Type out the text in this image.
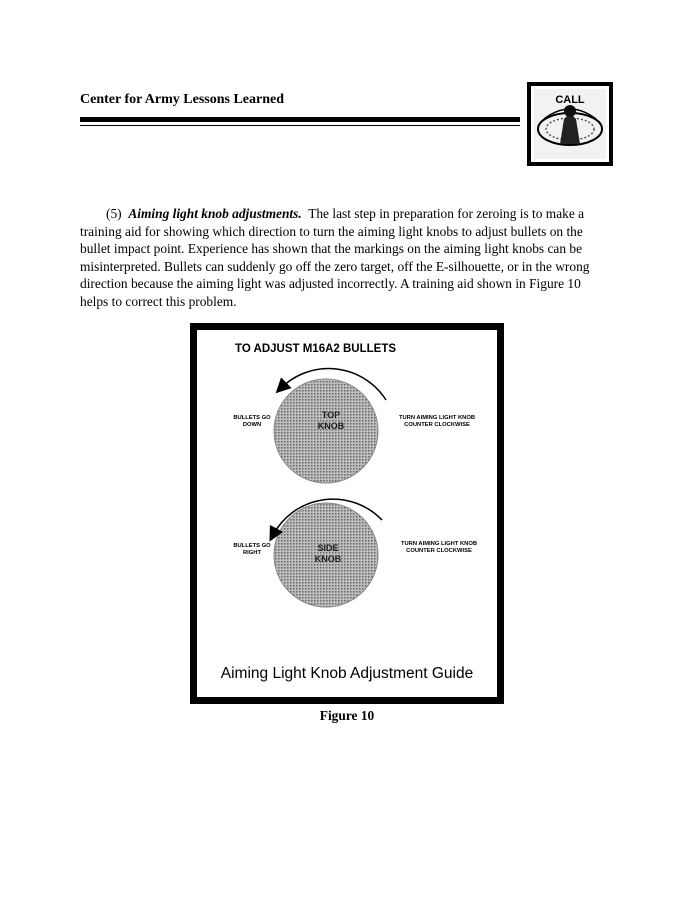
Center for Army Lessons Learned	CALL
(5) Aiming light knob adjustments. The last step in preparation for zeroing is to make a
training aid for showing which direction to turn the aiming light knobs to adjust bullets on the
bullet impact point. Experience has shown that the markings on the aiming light knobs can be
misinterpreted. Bullets can suddenly go off the zero target, off the E-silhouette, or in the wrong
direction because the aiming light was adjusted incorrectly. A training aid shown in Figure 10
helps to correct this problem.
TO ADJUST M16A2 BULLETS
TOP
KNOB
BULLETS GO
DOWN
TURN AIMING LIGHT KNOB
COUNTER CLOCKWISE
SIDE
KNOB
BULLETS GO
RIGHT
TURN AIMING LIGHT KNOB
COUNTER CLOCKWISE
Aiming Light Knob Adjustment Guide
Figure 10
